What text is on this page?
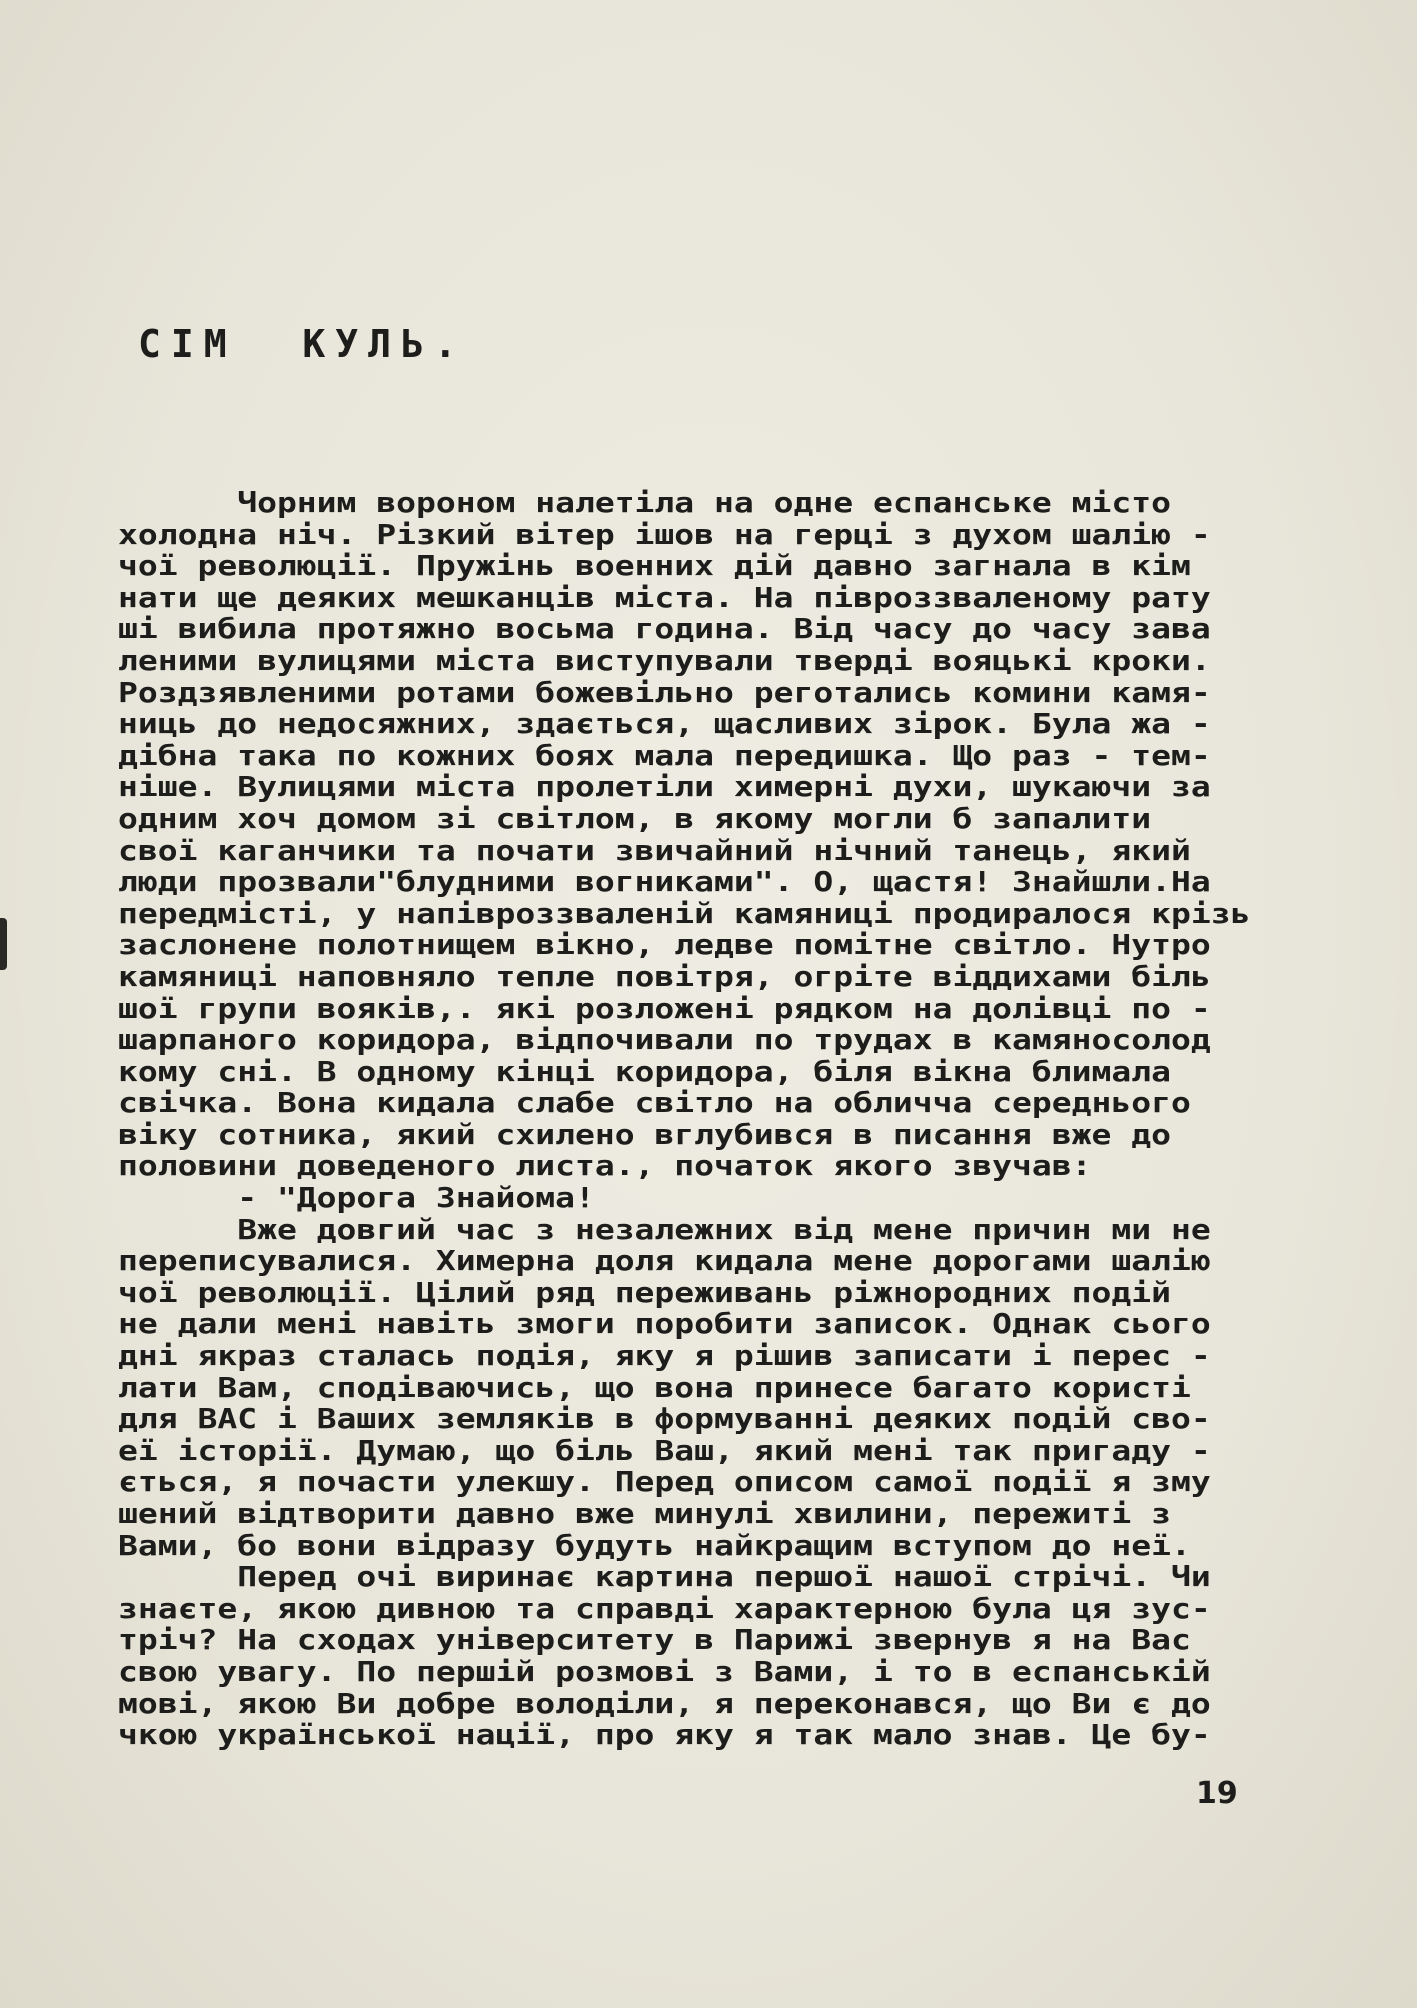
СІМ  КУЛЬ.
Чорним вороном налетіла на одне еспанське місто
холодна ніч. Різкий вітер ішов на герці з духом шалію -
чої революції. Пружінь военних дій давно загнала в кім
нати ще деяких мешканців міста. На півроззваленому рату
ші вибила протяжно восьма година. Від часу до часу зава
леними вулицями міста виступували тверді вояцькі кроки.
Роздзявленими ротами божевільно реготались комини камя-
ниць до недосяжних, здається, щасливих зірок. Була жа -
дібна така по кожних боях мала передишка. Що раз - тем-
ніше. Вулицями міста пролетіли химерні духи, шукаючи за
одним хоч домом зі світлом, в якому могли б запалити
свої каганчики та почати звичайний нічний танець, який
люди прозвали"блудними вогниками". О, щастя! Знайшли.На
передмісті, у напівроззваленій камяниці продиралося крізь
заслонене полотнищем вікно, ледве помітне світло. Нутро
камяниці наповняло тепле повітря, огріте віддихами біль
шої групи вояків,. які розложені рядком на долівці по -
шарпаного коридора, відпочивали по трудах в камяносолод
кому сні. В одному кінці коридора, біля вікна блимала
свічка. Вона кидала слабе світло на обличча середнього
віку сотника, який схилено вглубився в писання вже до
половини доведеного листа., початок якого звучав:
- "Дорога Знайома!
Вже довгий час з незалежних від мене причин ми не
переписувалися. Химерна доля кидала мене дорогами шалію
чої революції. Цілий ряд переживань ріжнородних подій
не дали мені навіть змоги поробити записок. Однак сього
дні якраз сталась подія, яку я рішив записати і перес -
лати Вам, сподіваючись, що вона принесе багато користі
для ВАС і Ваших земляків в формуванні деяких подій сво-
еї історії. Думаю, що біль Ваш, який мені так пригаду -
ється, я почасти улекшу. Перед описом самої події я зму
шений відтворити давно вже минулі хвилини, пережиті з
Вами, бо вони відразу будуть найкращим вступом до неї.
Перед очі виринає картина першої нашої стрічі. Чи
знаєте, якою дивною та справді характерною була ця зус-
тріч? На сходах університету в Парижі звернув я на Вас
свою увагу. По першій розмові з Вами, і то в еспанській
мові, якою Ви добре володіли, я переконався, що Ви є до
чкою української нації, про яку я так мало знав. Це бу-
19
